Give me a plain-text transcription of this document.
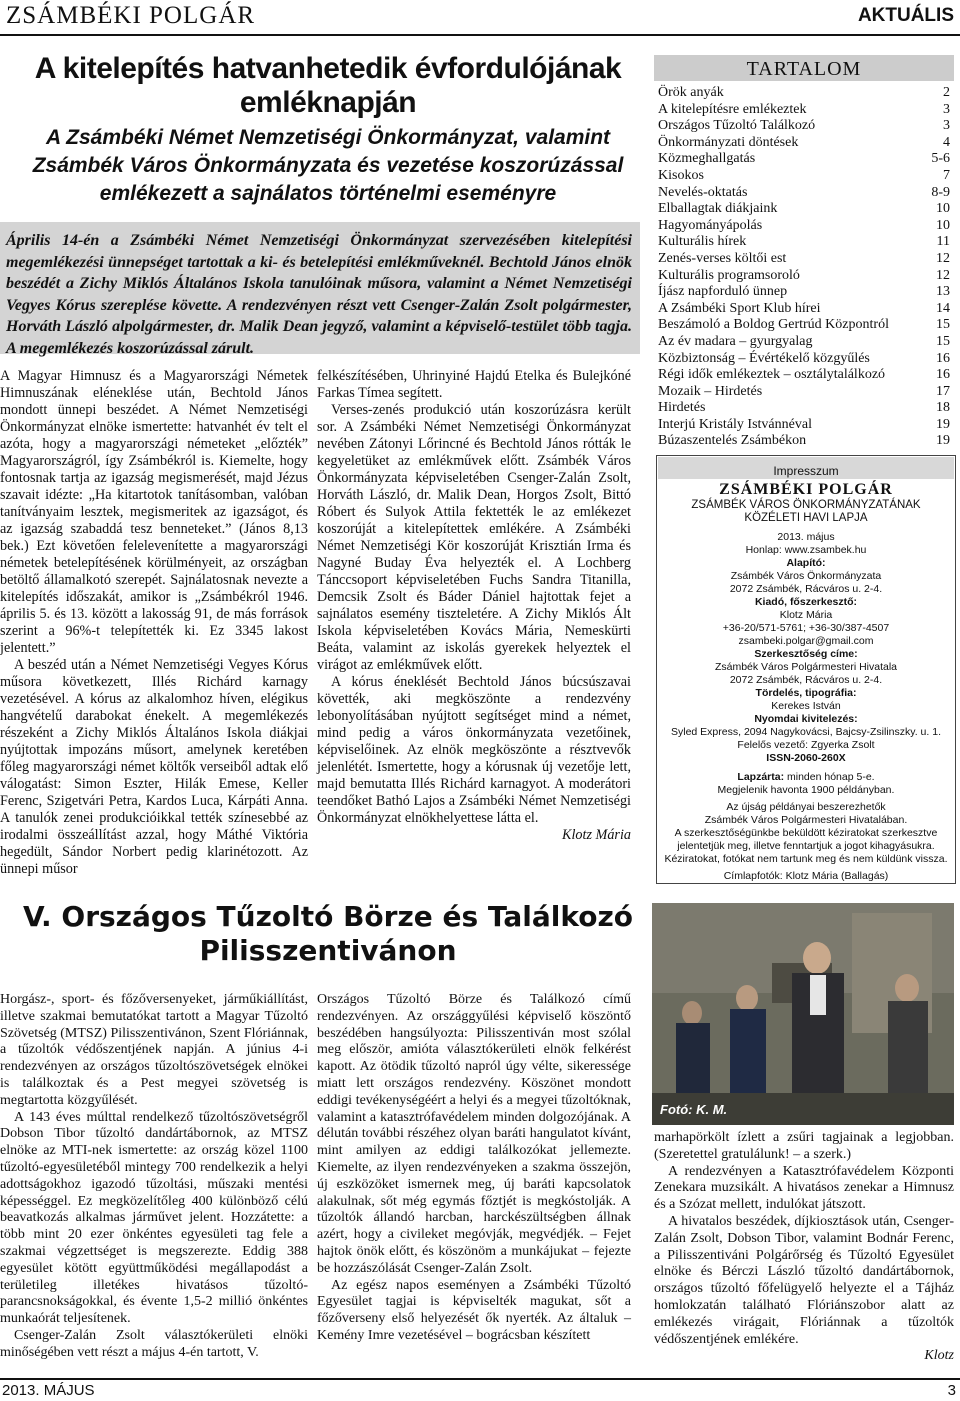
ZSÁMBÉKI POLGÁR	AKTUÁLIS
A kitelepítés hatvanhetedik évfordulójának emléknapján
A Zsámbéki Német Nemzetiségi Önkormányzat, valamint Zsámbék Város Önkormányzata és vezetése koszorúzással emlékezett a sajnálatos történelmi eseményre

Április 14-én a Zsámbéki Német Nemzetiségi Önkormányzat szervezésében kitelepítési megemlékezési ünnepséget tartottak a ki- és betelepítési emlékműveknél. Bechtold János elnök beszédét a Zichy Miklós Általános Iskola tanulóinak műsora, valamint a Német Nemzetiségi Vegyes Kórus szereplése követte. A rendezvényen részt vett Csenger-Zalán Zsolt polgármester, Horváth László alpolgármester, dr. Malik Dean jegyző, valamint a képviselő-testület több tagja. A megemlékezés koszorúzással zárult.

A Magyar Himnusz és a Magyarországi Németek Himnuszának eléneklése után, Bechtold János mondott ünnepi beszédet. A Német Nemzetiségi Önkormányzat elnöke ismertette: hatvanhét év telt el azóta, hogy a magyarországi németeket „előzték” Magyarországról, így Zsámbékról is. Kiemelte, hogy fontosnak tartja az igazság megismerését, majd Jézus szavait idézte: „Ha kitartotok tanításomban, valóban tanítványaim lesztek, megismeritek az igazságot, és az igazság szabaddá tesz benneteket.” (János 8,13 bek.) Ezt követően felelevenítette a magyarországi németek betelepítésének körülményeit, az országban betöltő államalkotó szerepét. Sajnálatosnak nevezte a kitelepítés időszakát, amikor is „Zsámbékról 1946. április 5. és 13. között a lakosság 91, de más források szerint a 96%-t telepítették ki. Ez 3345 lakost jelentett.”

A beszéd után a Német Nemzetiségi Vegyes Kórus műsora következett, Illés Richárd karnagy vezetésével. A kórus az alkalomhoz híven, elégikus hangvételű darabokat énekelt. A megemlékezés részeként a Zichy Miklós Általános Iskola diákjai nyújtottak impozáns műsort, amelynek keretében főleg magyarországi német költők verseiből adtak elő válogatást: Simon Eszter, Hilák Emese, Keller Ferenc, Szigetvári Petra, Kardos Luca, Kárpáti Anna. A tanulók zenei produkcióikkal tették színesebbé az irodalmi összeállítást azzal, hogy Máthé Viktória hegedült, Sándor Norbert pedig klarinétozott. Az ünnepi műsor

felkészítésében, Uhrinyiné Hajdú Etelka és Bulejkóné Farkas Tímea segített.

Verses-zenés produkció után koszorúzásra került sor. A Zsámbéki Német Nemzetiségi Önkormányzat nevében Zátonyi Lőrincné és Bechtold János rótták le kegyeletüket az emlékművek előtt. Zsámbék Város Önkormányzata képviseletében Csenger-Zalán Zsolt, Horváth László, dr. Malik Dean, Horgos Zsolt, Bittó Róbert és Sulyok Attila fektették le az emlékezet koszorúját a kitelepítettek emlékére. A Zsámbéki Német Nemzetiségi Kör koszorúját Krisztián Irma és Nagyné Buday Éva helyezték el. A Lochberg Tánccsoport képviseletében Fuchs Sandra Titanilla, Demcsik Zsolt és Báder Dániel hajtottak fejet a sajnálatos esemény tiszteletére. A Zichy Miklós Ált Iskola képviseletében Kovács Mária, Nemeskürti Beáta, valamint az iskolás gyerekek helyeztek el virágot az emlékművek előtt.

A kórus éneklését Bechtold János búcsúszavai követték, aki megköszönte a rendezvény lebonyolításában nyújtott segítséget mind a német, mind pedig a város önkormányzata vezetőinek, képviselőinek. Az elnök megköszönte a résztvevők jelenlétét. Ismertette, hogy a kórusnak új vezetője lett, majd bemutatta Illés Richárd karnagyot. A moderátori teendőket Bathó Lajos a Zsámbéki Német Nemzetiségi Önkormányzat elnökhelyettese látta el.

Klotz Mária
TARTALOM
Örök anyák	2
A kitelepítésre emlékeztek	3
Országos Tűzoltó Találkozó	3
Önkormányzati döntések	4
Közmeghallgatás	5-6
Kisokos	7
Nevelés-oktatás	8-9
Elballagtak diákjaink	10
Hagyományápolás	10
Kulturális hírek	11
Zenés-verses költői est	12
Kulturális programsoroló	12
Íjász napforduló ünnep	13
A Zsámbéki Sport Klub hírei	14
Beszámoló a Boldog Gertrúd Központról	15
Az év madara – gyurgyalag	15
Közbiztonság – Évértékelő közgyűlés	16
Régi idők emlékeztek – osztálytalálkozó	16
Mozaik – Hirdetés	17
Hirdetés	18
Interjú Kristály Istvánnéval	19
Búzaszentelés Zsámbékon	19
Impresszum
ZSÁMBÉKI POLGÁR
ZSÁMBÉK VÁROS ÖNKORMÁNYZATÁNAK
KÖZÉLETI HAVI LAPJA
2013. május
Honlap: www.zsambek.hu
Alapító:
Zsámbék Város Önkormányzata
2072 Zsámbék, Rácváros u. 2-4.
Kiadó, főszerkesztő:
Klotz Mária
+36-20/571-5761; +36-30/387-4507
zsambeki.polgar@gmail.com
Szerkesztőség címe:
Zsámbék Város Polgármesteri Hivatala
2072 Zsámbék, Rácváros u. 2-4.
Tördelés, tipográfia:
Kerekes István
Nyomdai kivitelezés:
Syled Express, 2094 Nagykovácsi, Bajcsy-Zsilinszky. u. 1.
Felelős vezető: Zgyerka Zsolt
ISSN-2060-260X
Lapzárta: minden hónap 5-e.
Megjelenik havonta 1900 példányban.
Az újság példányai beszerezhetők
Zsámbék Város Polgármesteri Hivatalában.
A szerkesztőségünkbe beküldött kéziratokat szerkesztve
jelentetjük meg, illetve fenntartjuk a jogot kihagyásukra.
Kéziratokat, fotókat nem tartunk meg és nem küldünk vissza.
Címlapfotók: Klotz Mária (Ballagás)
V. Országos Tűzoltó Börze és Találkozó Pilisszentivánon

Horgász-, sport- és főzőversenyeket, járműkiállítást, illetve szakmai bemutatókat tartott a Magyar Tűzoltó Szövetség (MTSZ) Pilisszentivánon, Szent Flóriánnak, a tűzoltók védőszentjének napján. A június 4-i rendezvényen az országos tűzoltószövetségek elnökei is találkoztak és a Pest megyei szövetség is megtartotta közgyűlését.

A 143 éves múlttal rendelkező tűzoltószövetségről Dobson Tibor tűzoltó dandártábornok, az MTSZ elnöke az MTI-nek ismertette: az ország közel 1100 tűzoltó-egyesületéből mintegy 700 rendelkezik a helyi adottságokhoz igazodó tűzoltási, műszaki mentési képességgel. Ez megközelítőleg 400 különböző célú beavatkozás alkalmas járművet jelent. Hozzátette: a több mint 20 ezer önkéntes egyesületi tag fele a szakmai végzettséget is megszerezte. Eddig 388 egyesület kötött együttműködési megállapodást a területileg illetékes hivatásos tűzoltó-parancsnokságokkal, és évente 1,5-2 millió önkéntes munkaórát teljesítenek.

Csenger-Zalán Zsolt választókerületi elnöki minőségében vett részt a május 4-én tartott, V.

Országos Tűzoltó Börze és Találkozó című rendezvényen. Az országgyűlési képviselő köszöntő beszédében hangsúlyozta: Pilisszentiván most szólal meg először, amióta választókerületi elnök felkérést kapott. Az ötödik tűzoltó napról úgy vélte, sikeressége miatt lett országos rendezvény. Köszönet mondott eddigi tevékenységéért a helyi és a megyei tűzoltóknak, valamint a katasztrófavédelem minden dolgozójának. A délután további részéhez olyan baráti hangulatot kívánt, mint amilyen az eddigi találkozókat jellemezte. Kiemelte, az ilyen rendezvényeken a szakma összejön, új eszközöket ismernek meg, új baráti kapcsolatok alakulnak, sőt még egymás főztjét is megkóstolják. A tűzoltók állandó harcban, harckészültségben állnak azért, hogy a civileket megóvják, megvédjék. – Fejet hajtok önök előtt, és köszönöm a munkájukat – fejezte be hozzászólását Csenger-Zalán Zsolt.

Az egész napos eseményen a Zsámbéki Tűzoltó Egyesület tagjai is képviselték magukat, sőt a főzőverseny első helyezését ők nyerték. Az általuk – Kemény Imre vezetésével – bográcsban készített

Fotó: K. M.

marhapörkölt ízlett a zsűri tagjainak a legjobban. (Szeretettel gratulálunk! – a szerk.)

A rendezvényen a Katasztrófavédelem Központi Zenekara muzsikált. A hivatásos zenekar a Himnusz és a Szózat mellett, indulókat játszott.

A hivatalos beszédek, díjkiosztások után, Csenger-Zalán Zsolt, Dobson Tibor, valamint Bodnár Ferenc, a Pilisszentiváni Polgárőrség és Tűzoltó Egyesület elnöke és Bérczi László tűzoltó dandártábornok, országos tűzoltó főfelügyelő helyezte el a Tájház homlokzatán található Flóriánszobor alatt az emlékezés virágait, Flóriánnak a tűzoltók védőszentjének emlékére.

Klotz
2013. MÁJUS	3
